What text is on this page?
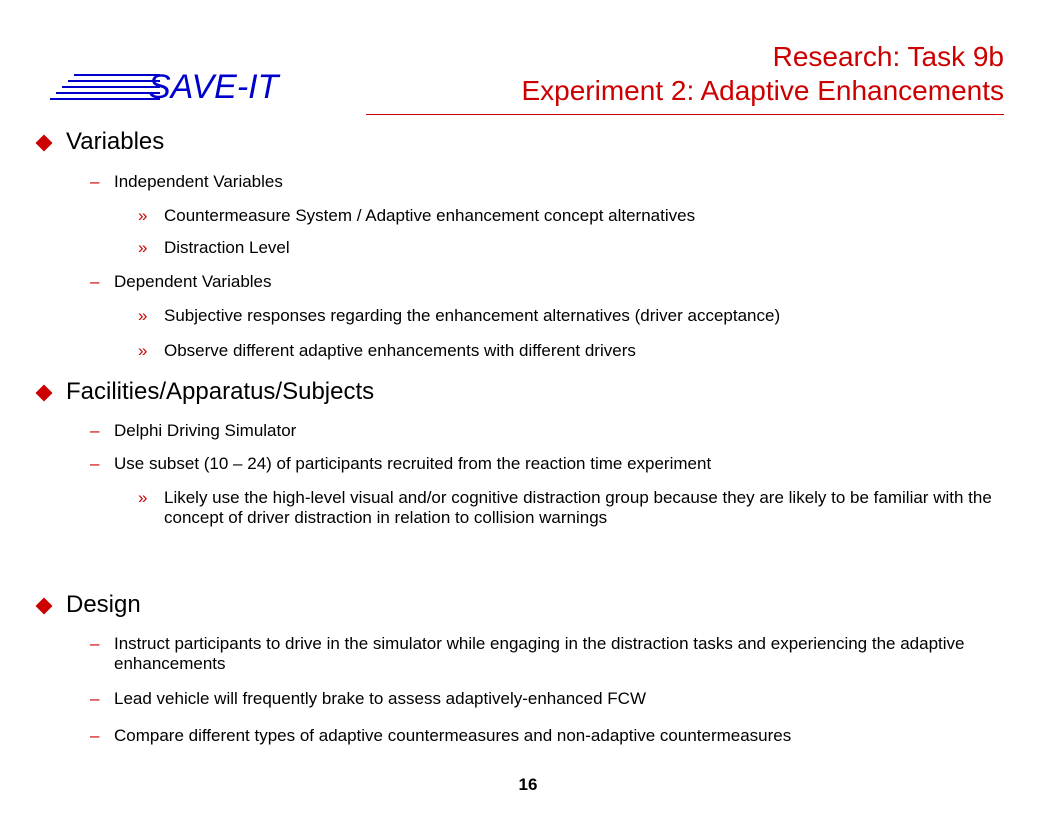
SAVE-IT
Research: Task 9b
Experiment 2: Adaptive Enhancements
Variables
– Independent Variables
» Countermeasure System / Adaptive enhancement concept alternatives
» Distraction Level
– Dependent Variables
» Subjective responses regarding the enhancement alternatives (driver acceptance)
» Observe different adaptive enhancements with different drivers
Facilities/Apparatus/Subjects
– Delphi Driving Simulator
– Use subset (10 – 24) of participants recruited from the reaction time experiment
» Likely use the high-level visual and/or cognitive distraction group because they are likely to be familiar with the concept of driver distraction in relation to collision warnings
Design
– Instruct participants to drive in the simulator while engaging in the distraction tasks and experiencing the adaptive enhancements
– Lead vehicle will frequently brake to assess adaptively-enhanced FCW
– Compare different types of adaptive countermeasures and non-adaptive countermeasures
16
